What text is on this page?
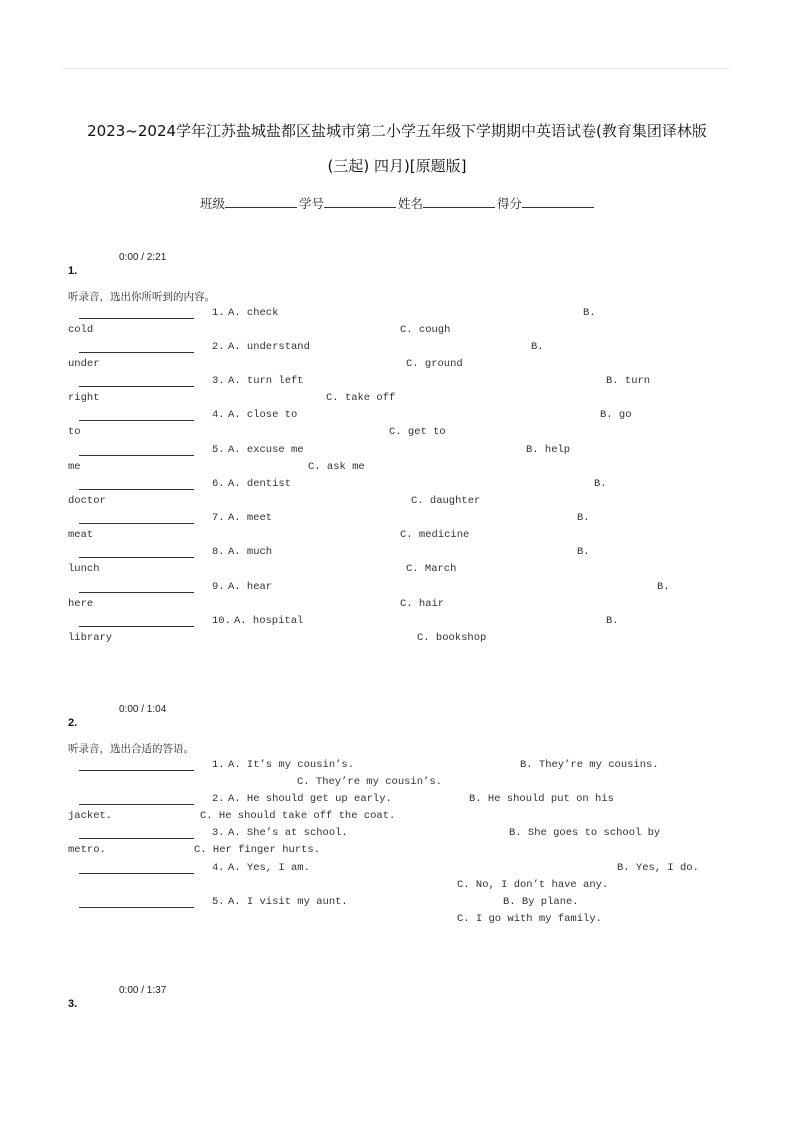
2023~2024学年江苏盐城盐都区盐城市第二小学五年级下学期期中英语试卷(教育集团译林版
(三起) 四月)[原题版]
班级	学号	姓名	得分
0:00 / 2:21
1.
听录音，选出你所听到的内容。
1. A. check	B.
cold	C. cough
2. A. understand	B.
under	C. ground
3. A. turn left	B. turn
right	C. take off
4. A. close to	B. go
to	C. get to
5. A. excuse me	B. help
me	C. ask me
6. A. dentist	B.
doctor	C. daughter
7. A. meet	B.
meat	C. medicine
8. A. much	B.
lunch	C. March
9. A. hear	B.
here	C. hair
10. A. hospital	B.
library	C. bookshop
0:00 / 1:04
2.
听录音，选出合适的答语。
1. A. It’s my cousin’s.	B. They’re my cousins.
C. They’re my cousin’s.
2. A. He should get up early.	B. He should put on his
jacket.	C. He should take off the coat.
3. A. She’s at school.	B. She goes to school by
metro.	C. Her finger hurts.
4. A. Yes, I am.	B. Yes, I do.
C. No, I don’t have any.
5. A. I visit my aunt.	B. By plane.
C. I go with my family.
0:00 / 1:37
3.
